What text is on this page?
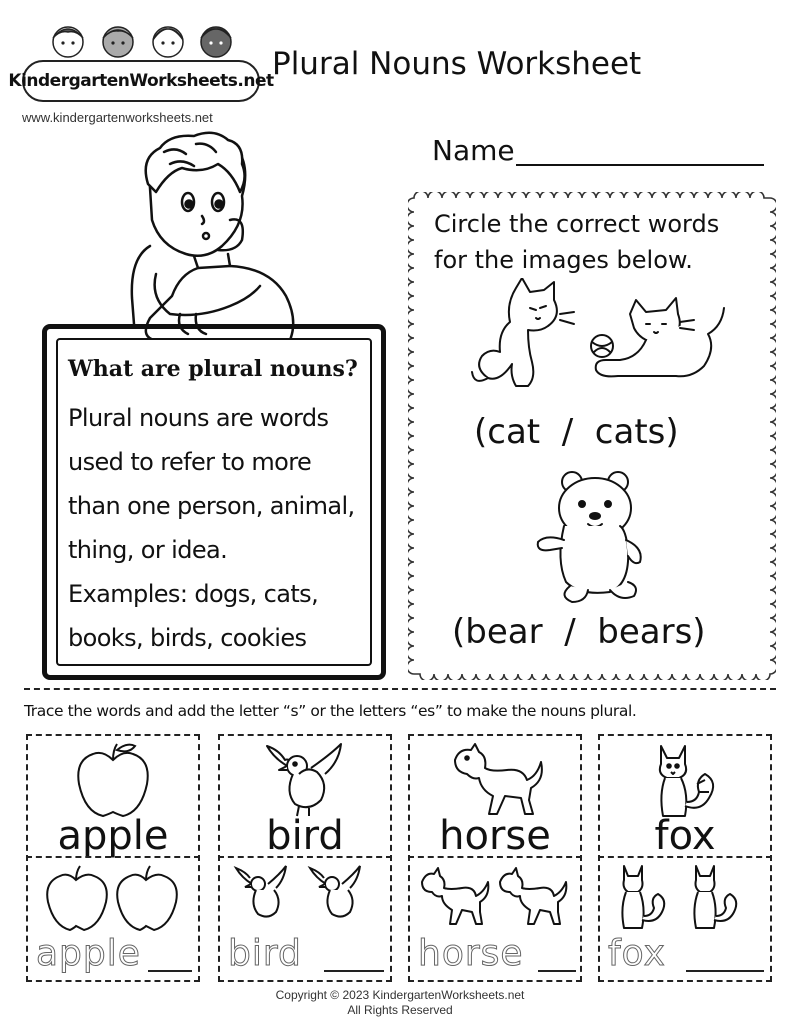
KindergartenWorksheets.net
www.kindergartenworksheets.net
Plural Nouns Worksheet
Name
What are plural nouns?

Plural nouns are words

used to refer to more

than one person, animal,

thing, or idea.

Examples: dogs, cats,

books, birds, cookies

Circle the correct words
for the images below.
(cat  /  cats)
(bear  /  bears)
Trace the words and add the letter “s” or the letters “es” to make the nouns plural.
apple
apple
bird
bird
horse
horse
fox
fox
Copyright © 2023 KindergartenWorksheets.net
All Rights Reserved
